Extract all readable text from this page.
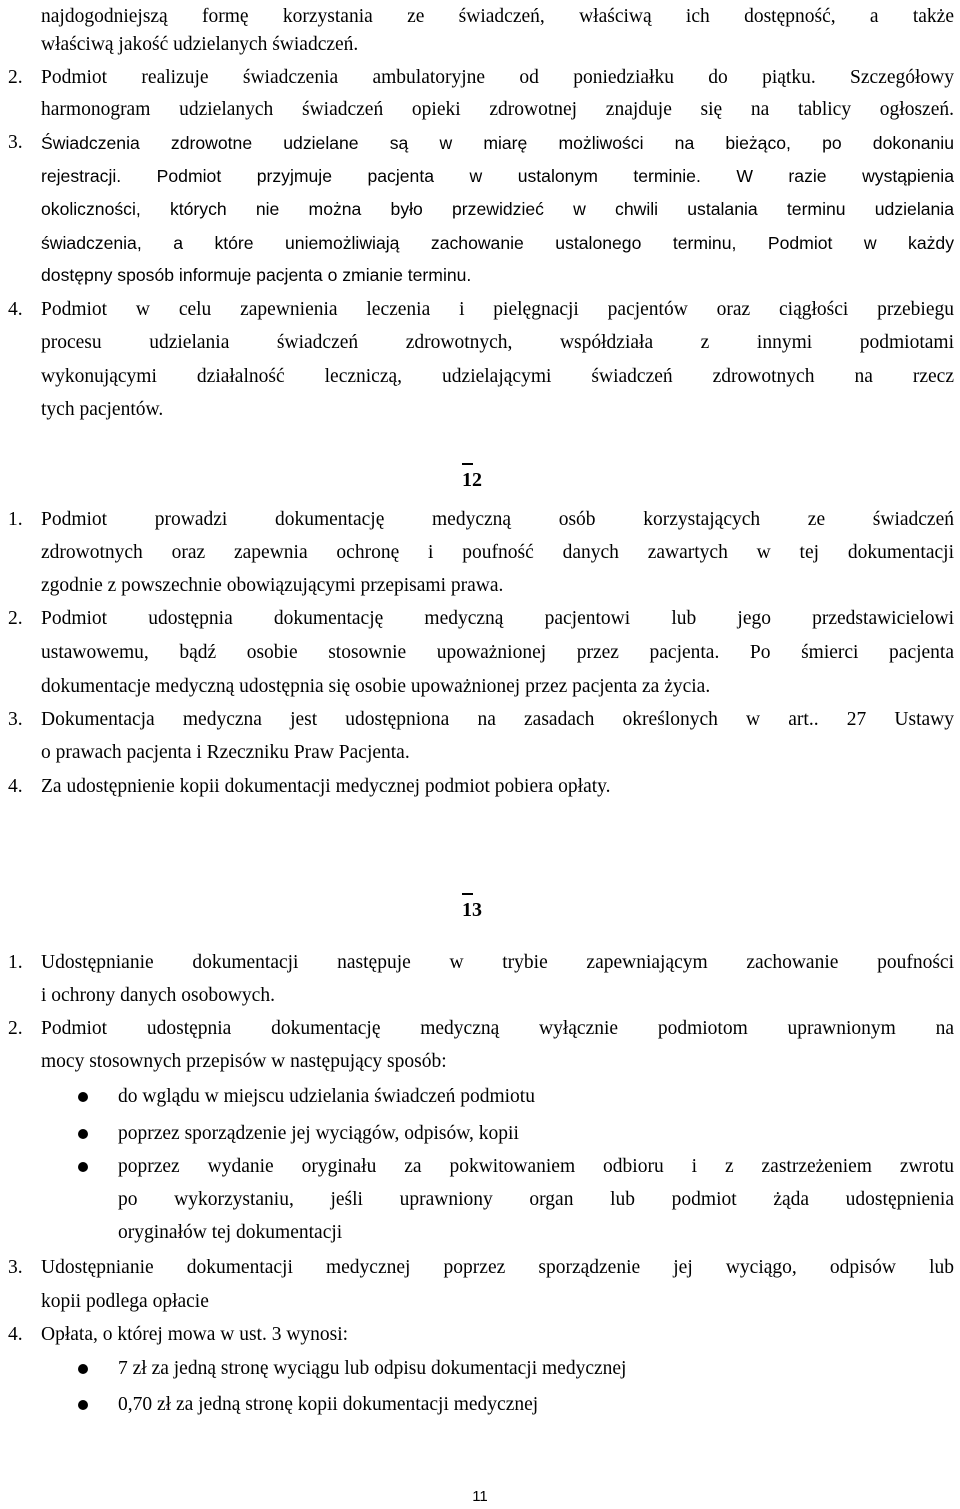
najdogodniejszą formę korzystania ze świadczeń, właściwą ich dostępność, a także
właściwą jakość udzielanych świadczeń.
2. Podmiot realizuje świadczenia ambulatoryjne od poniedziałku do piątku. Szczegółowy
harmonogram udzielanych świadczeń opieki zdrowotnej znajduje się na tablicy ogłoszeń.
3. Świadczenia zdrowotne udzielane są w miarę możliwości na bieżąco, po dokonaniu
rejestracji. Podmiot przyjmuje pacjenta w ustalonym terminie. W razie wystąpienia
okoliczności, których nie można było przewidzieć w chwili ustalania terminu udzielania
świadczenia, a które uniemożliwiają zachowanie ustalonego terminu, Podmiot w każdy
dostępny sposób informuje pacjenta o zmianie terminu.
4. Podmiot w celu zapewnienia leczenia i pielęgnacji pacjentów oraz ciągłości przebiegu
procesu udzielania świadczeń zdrowotnych, współdziała z innymi podmiotami
wykonującymi działalność leczniczą, udzielającymi świadczeń zdrowotnych na rzecz
tych pacjentów.
12
1. Podmiot prowadzi dokumentację medyczną osób korzystających ze świadczeń
zdrowotnych oraz zapewnia ochronę i poufność danych zawartych w tej dokumentacji
zgodnie z powszechnie obowiązującymi przepisami prawa.
2. Podmiot udostępnia dokumentację medyczną pacjentowi lub jego przedstawicielowi
ustawowemu, bądź osobie stosownie upoważnionej przez pacjenta. Po śmierci pacjenta
dokumentacje medyczną udostępnia się osobie upoważnionej przez pacjenta za życia.
3. Dokumentacja medyczna jest udostępniona na zasadach określonych w art.. 27 Ustawy
o prawach pacjenta i Rzeczniku Praw Pacjenta.
4. Za udostępnienie kopii dokumentacji medycznej podmiot pobiera opłaty.
13
1. Udostępnianie dokumentacji następuje w trybie zapewniającym zachowanie poufności
i ochrony danych osobowych.
2. Podmiot udostępnia dokumentację medyczną wyłącznie podmiotom uprawnionym na
mocy stosownych przepisów w następujący sposób:
do wglądu w miejscu udzielania świadczeń podmiotu
poprzez sporządzenie jej wyciągów, odpisów, kopii
poprzez wydanie oryginału za pokwitowaniem odbioru i z zastrzeżeniem zwrotu
po wykorzystaniu, jeśli uprawniony organ lub podmiot żąda udostępnienia
oryginałów tej dokumentacji
3. Udostępnianie dokumentacji medycznej poprzez sporządzenie jej wyciągo, odpisów lub
kopii podlega opłacie
4. Opłata, o której mowa w ust. 3 wynosi:
7 zł za jedną stronę wyciągu lub odpisu dokumentacji medycznej
0,70 zł za jedną stronę kopii dokumentacji medycznej
11
